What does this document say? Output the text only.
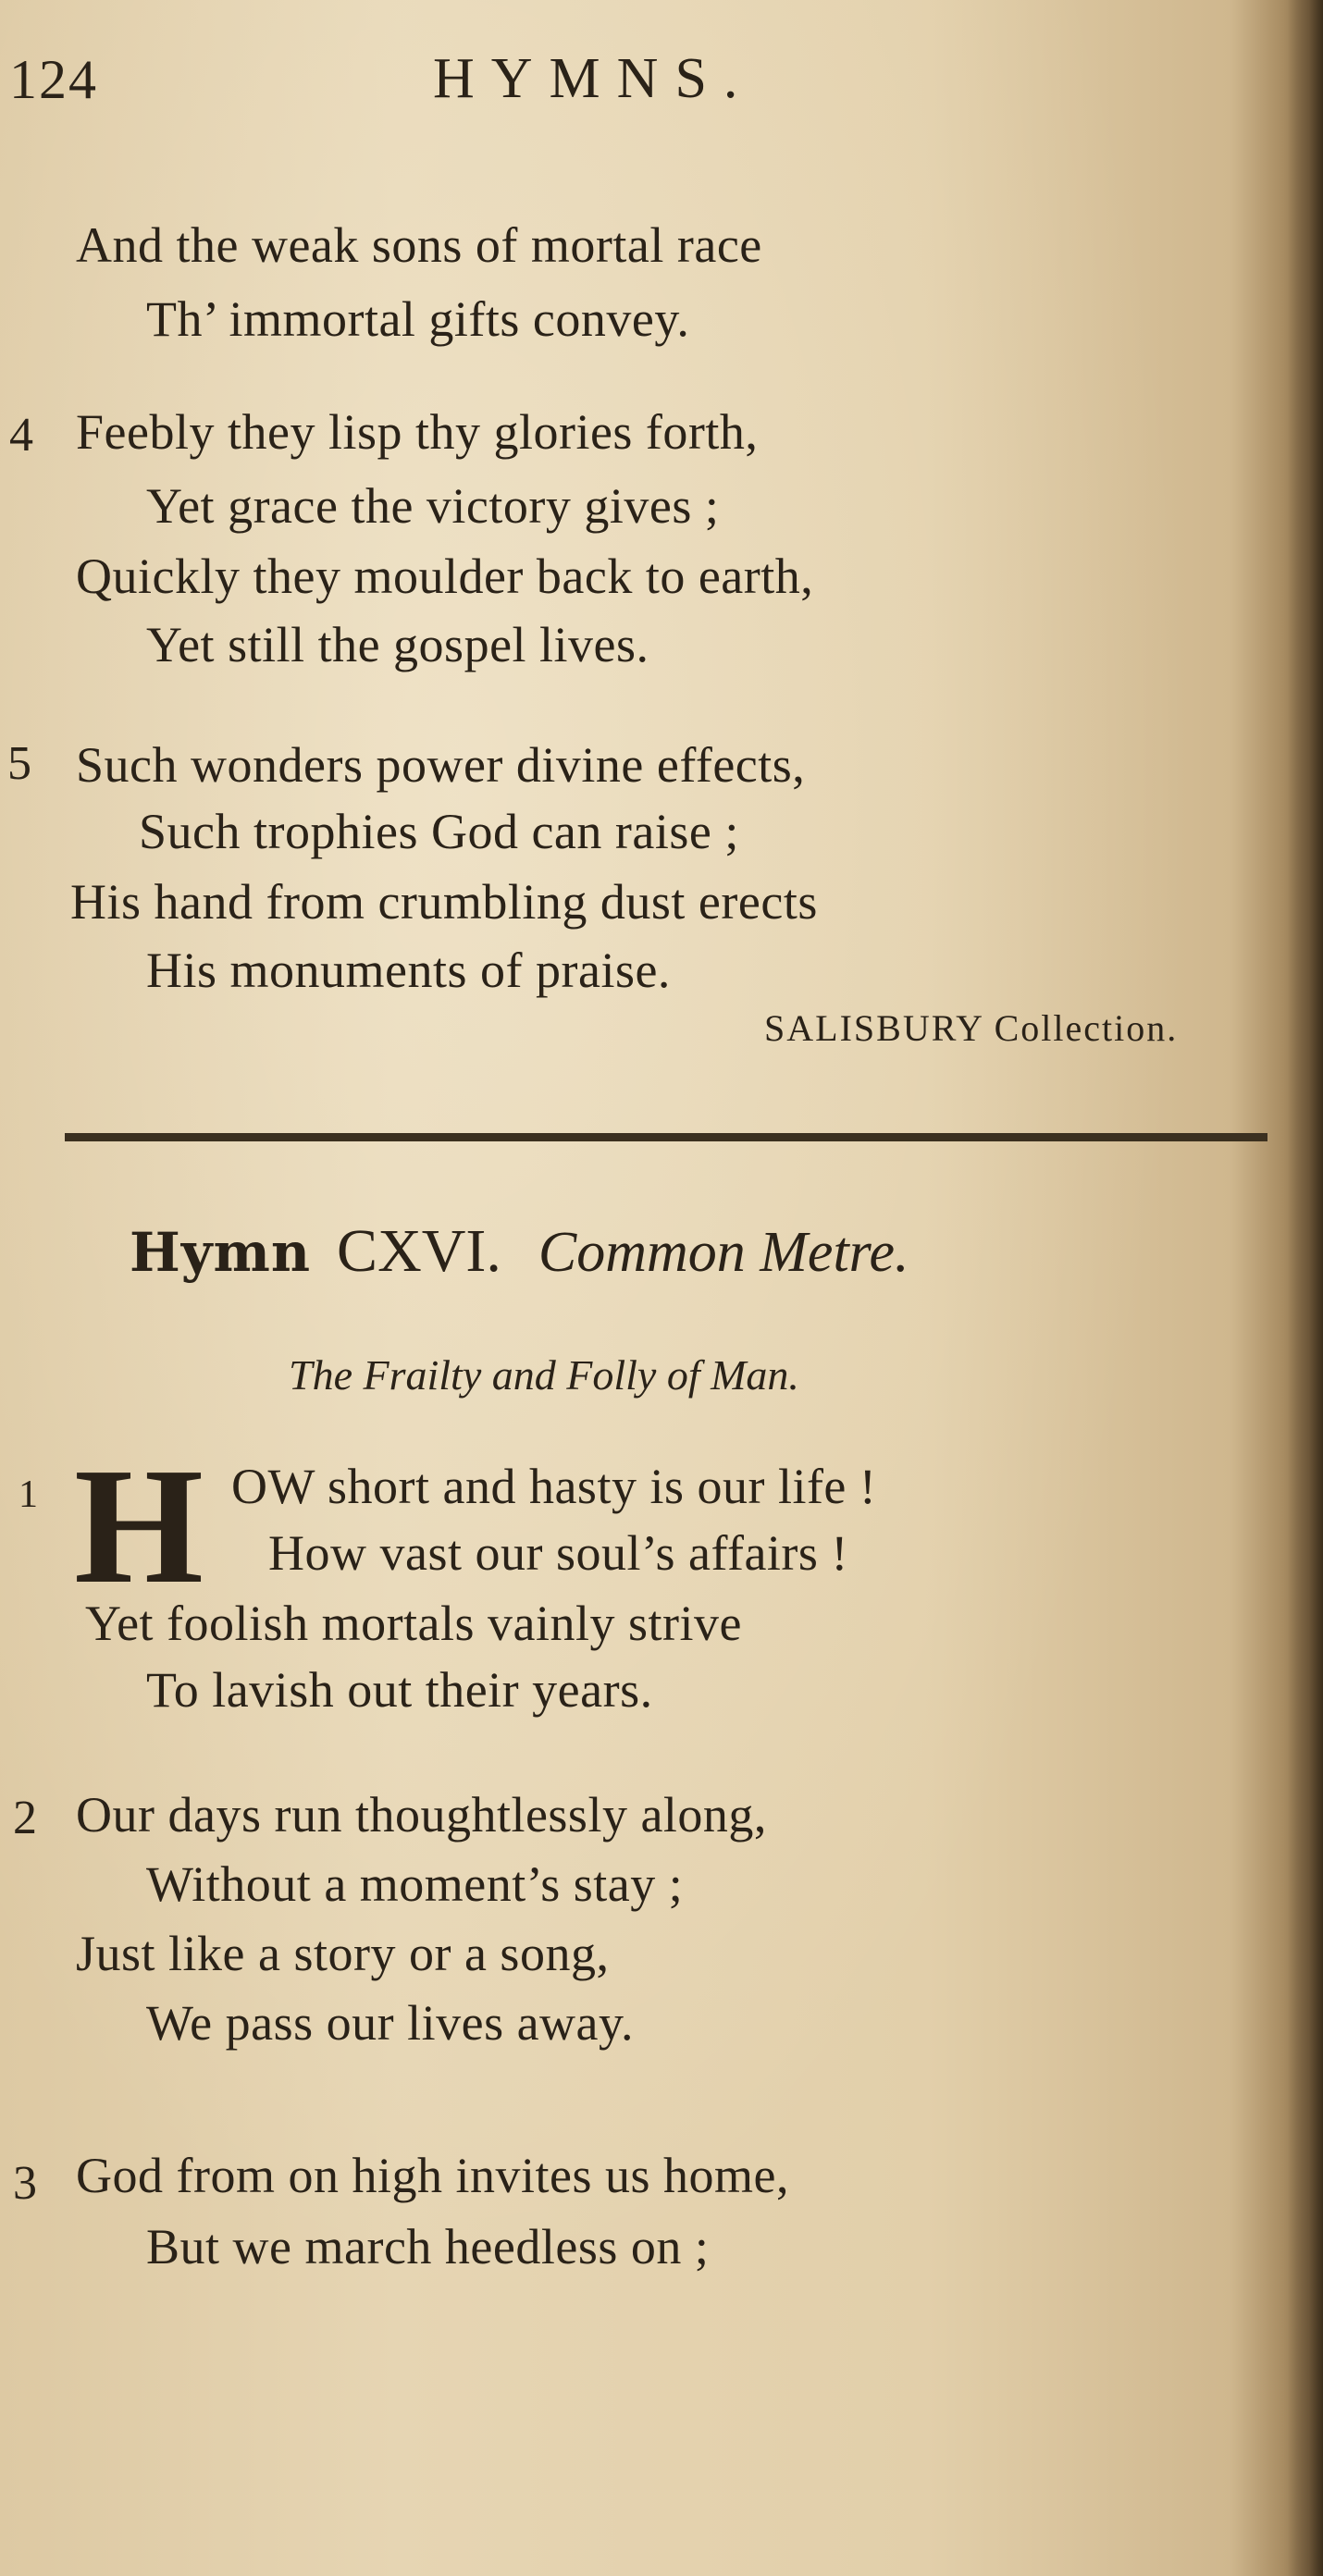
124	HYMNS.
And the weak sons of mortal race
Th’ immortal gifts convey.
4 Feebly they lisp thy glories forth,
Yet grace the victory gives ;
Quickly they moulder back to earth,
Yet still the gospel lives.
5 Such wonders power divine effects,
Such trophies God can raise ;
His hand from crumbling dust erects
His monuments of praise.
SALISBURY Collection.
Hymn CXVI. Common Metre.
The Frailty and Folly of Man.
1 H OW short and hasty is our life !
How vast our soul’s affairs !
Yet foolish mortals vainly strive
To lavish out their years.
2 Our days run thoughtlessly along,
Without a moment’s stay ;
Just like a story or a song,
We pass our lives away.
3 God from on high invites us home,
But we march heedless on ;
